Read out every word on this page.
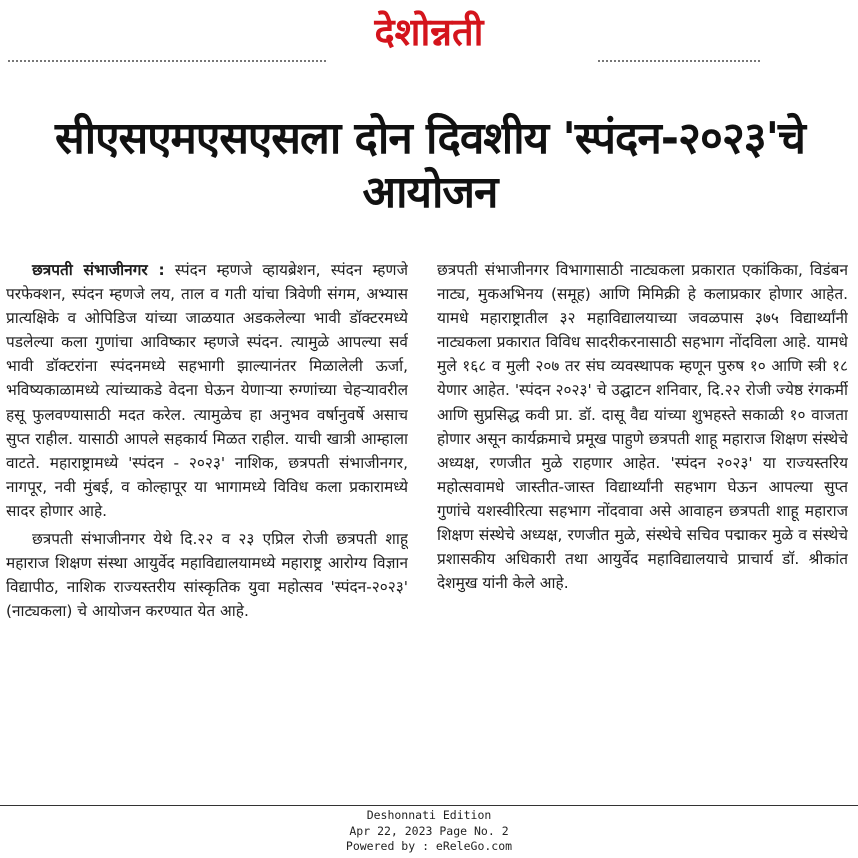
देशोन्नती
सीएसएमएसएसला दोन दिवशीय 'स्पंदन-२०२३'चे आयोजन

छत्रपती संभाजीनगर : स्पंदन म्हणजे व्हायब्रेशन, स्पंदन म्हणजे परफेक्शन, स्पंदन म्हणजे लय, ताल व गती यांचा त्रिवेणी संगम, अभ्यास प्रात्यक्षिके व ओपिडिज यांच्या जाळयात अडकलेल्या भावी डॉक्टरमध्ये पडलेल्या कला गुणांचा आविष्कार म्हणजे स्पंदन. त्यामुळे आपल्या सर्व भावी डॉक्टरांना स्पंदनमध्ये सहभागी झाल्यानंतर मिळालेली ऊर्जा, भविष्यकाळामध्ये त्यांच्याकडे वेदना घेऊन येणाऱ्या रुग्णांच्या चेहऱ्यावरील हसू फुलवण्यासाठी मदत करेल. त्यामुळेच हा अनुभव वर्षानुवर्षे असाच सुप्त राहील. यासाठी आपले सहकार्य मिळत राहील. याची खात्री आम्हाला वाटते. महाराष्ट्रामध्ये 'स्पंदन - २०२३' नाशिक, छत्रपती संभाजीनगर, नागपूर, नवी मुंबई, व कोल्हापूर या भागामध्ये विविध कला प्रकारामध्ये सादर होणार आहे.

छत्रपती संभाजीनगर येथे दि.२२ व २३ एप्रिल रोजी छत्रपती शाहू महाराज शिक्षण संस्था आयुर्वेद महाविद्यालयामध्ये महाराष्ट्र आरोग्य विज्ञान विद्यापीठ, नाशिक राज्यस्तरीय सांस्कृतिक युवा महोत्सव 'स्पंदन-२०२३' (नाट्यकला) चे आयोजन करण्यात येत आहे.

छत्रपती संभाजीनगर विभागासाठी नाट्यकला प्रकारात एकांकिका, विडंबन नाट्य, मुकअभिनय (समूह) आणि मिमिक्री हे कलाप्रकार होणार आहेत. यामधे महाराष्ट्रातील ३२ महाविद्यालयाच्या जवळपास ३७५ विद्यार्थ्यांनी नाट्यकला प्रकारात विविध सादरीकरनासाठी सहभाग नोंदविला आहे. यामधे मुले १६८ व मुली २०७ तर संघ व्यवस्थापक म्हणून पुरुष १० आणि स्त्री १८ येणार आहेत. 'स्पंदन २०२३' चे उद्घाटन शनिवार, दि.२२ रोजी ज्येष्ठ रंगकर्मी आणि सुप्रसिद्ध कवी प्रा. डॉ. दासू वैद्य यांच्या शुभहस्ते सकाळी १० वाजता होणार असून कार्यक्रमाचे प्रमूख पाहुणे छत्रपती शाहू महाराज शिक्षण संस्थेचे अध्यक्ष, रणजीत मुळे राहणार आहेत. 'स्पंदन २०२३' या राज्यस्तरिय महोत्सवामधे जास्तीत-जास्त विद्यार्थ्यांनी सहभाग घेऊन आपल्या सुप्त गुणांचे यशस्वीरित्या सहभाग नोंदवावा असे आवाहन छत्रपती शाहू महाराज शिक्षण संस्थेचे अध्यक्ष, रणजीत मुळे, संस्थेचे सचिव पद्माकर मुळे व संस्थेचे प्रशासकीय अधिकारी तथा आयुर्वेद महाविद्यालयाचे प्राचार्य डॉ. श्रीकांत देशमुख यांनी केले आहे.

Deshonnati Edition
Apr 22, 2023 Page No. 2
Powered by : eReleGo.com
